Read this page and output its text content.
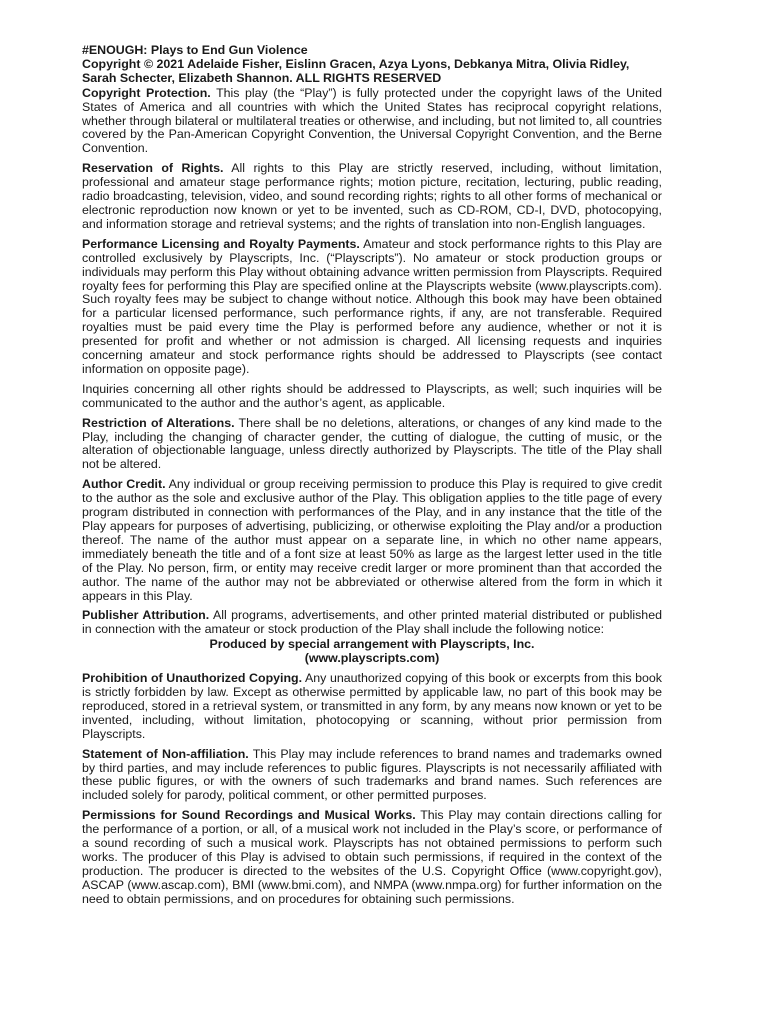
#ENOUGH: Plays to End Gun Violence
Copyright © 2021 Adelaide Fisher, Eislinn Gracen, Azya Lyons, Debkanya Mitra, Olivia Ridley,
Sarah Schecter, Elizabeth Shannon. ALL RIGHTS RESERVED

Copyright Protection. This play (the “Play”) is fully protected under the copyright laws of the United States of America and all countries with which the United States has reciprocal copyright relations, whether through bilateral or multilateral treaties or otherwise, and including, but not limited to, all countries covered by the Pan-American Copyright Convention, the Universal Copyright Convention, and the Berne Convention.

Reservation of Rights. All rights to this Play are strictly reserved, including, without limitation, professional and amateur stage performance rights; motion picture, recitation, lecturing, public reading, radio broadcasting, television, video, and sound recording rights; rights to all other forms of mechanical or electronic reproduction now known or yet to be invented, such as CD-ROM, CD-I, DVD, photocopying, and information storage and retrieval systems; and the rights of translation into non-English languages.

Performance Licensing and Royalty Payments. Amateur and stock performance rights to this Play are controlled exclusively by Playscripts, Inc. (“Playscripts”). No amateur or stock production groups or individuals may perform this Play without obtaining advance written permission from Playscripts. Required royalty fees for performing this Play are specified online at the Playscripts website (www.playscripts.com). Such royalty fees may be subject to change without notice. Although this book may have been obtained for a particular licensed performance, such performance rights, if any, are not transferable. Required royalties must be paid every time the Play is performed before any audience, whether or not it is presented for profit and whether or not admission is charged. All licensing requests and inquiries concerning amateur and stock performance rights should be addressed to Playscripts (see contact information on opposite page).

Inquiries concerning all other rights should be addressed to Playscripts, as well; such inquiries will be communicated to the author and the author’s agent, as applicable.

Restriction of Alterations. There shall be no deletions, alterations, or changes of any kind made to the Play, including the changing of character gender, the cutting of dialogue, the cutting of music, or the alteration of objectionable language, unless directly authorized by Playscripts. The title of the Play shall not be altered.

Author Credit. Any individual or group receiving permission to produce this Play is required to give credit to the author as the sole and exclusive author of the Play. This obligation applies to the title page of every program distributed in connection with performances of the Play, and in any instance that the title of the Play appears for purposes of advertising, publicizing, or otherwise exploiting the Play and/or a production thereof. The name of the author must appear on a separate line, in which no other name appears, immediately beneath the title and of a font size at least 50% as large as the largest letter used in the title of the Play. No person, firm, or entity may receive credit larger or more prominent than that accorded the author. The name of the author may not be abbreviated or otherwise altered from the form in which it appears in this Play.

Publisher Attribution. All programs, advertisements, and other printed material distributed or published in connection with the amateur or stock production of the Play shall include the following notice:

Produced by special arrangement with Playscripts, Inc.
(www.playscripts.com)

Prohibition of Unauthorized Copying. Any unauthorized copying of this book or excerpts from this book is strictly forbidden by law. Except as otherwise permitted by applicable law, no part of this book may be reproduced, stored in a retrieval system, or transmitted in any form, by any means now known or yet to be invented, including, without limitation, photocopying or scanning, without prior permission from Playscripts.

Statement of Non-affiliation. This Play may include references to brand names and trademarks owned by third parties, and may include references to public figures. Playscripts is not necessarily affiliated with these public figures, or with the owners of such trademarks and brand names. Such references are included solely for parody, political comment, or other permitted purposes.

Permissions for Sound Recordings and Musical Works. This Play may contain directions calling for the performance of a portion, or all, of a musical work not included in the Play’s score, or performance of a sound recording of such a musical work. Playscripts has not obtained permissions to perform such works. The producer of this Play is advised to obtain such permissions, if required in the context of the production. The producer is directed to the websites of the U.S. Copyright Office (www.copyright.gov), ASCAP (www.ascap.com), BMI (www.bmi.com), and NMPA (www.nmpa.org) for further information on the need to obtain permissions, and on procedures for obtaining such permissions.
